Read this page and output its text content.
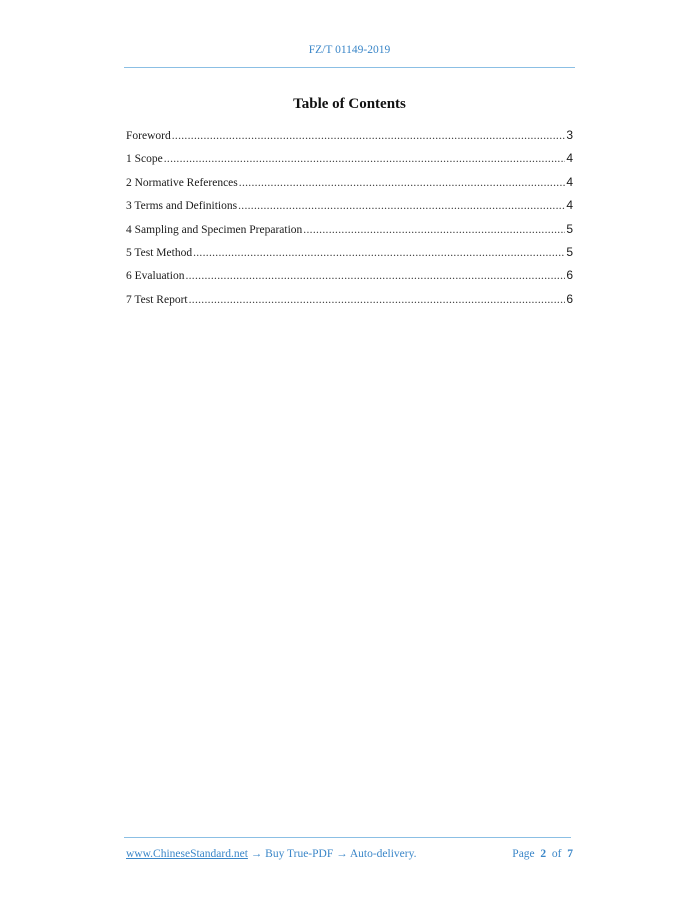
FZ/T 01149-2019
Table of Contents
Foreword .....	3
1 Scope .....	4
2 Normative References .....	4
3 Terms and Definitions .....	4
4 Sampling and Specimen Preparation .....	5
5 Test Method .....	5
6 Evaluation .....	6
7 Test Report .....	6
www.ChineseStandard.net → Buy True-PDF → Auto-delivery.	Page 2 of 7
